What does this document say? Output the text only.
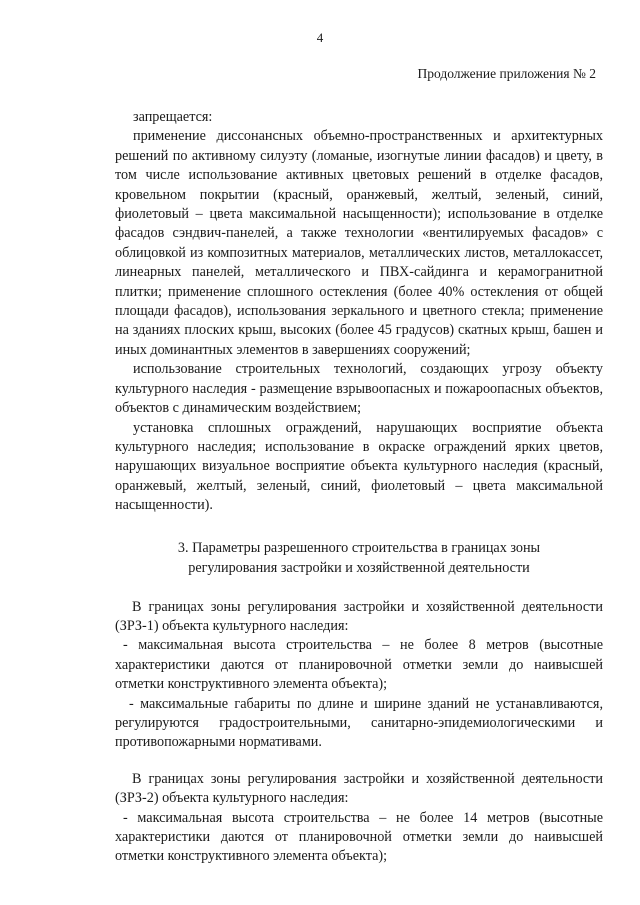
4
Продолжение приложения № 2

запрещается:

применение диссонансных объемно-пространственных и архитектурных решений по активному силуэту (ломаные, изогнутые линии фасадов) и цвету, в том числе использование активных цветовых решений в отделке фасадов, кровельном покрытии (красный, оранжевый, желтый, зеленый, синий, фиолетовый – цвета максимальной насыщенности); использование в отделке фасадов сэндвич-панелей, а также технологии «вентилируемых фасадов» с облицовкой из композитных материалов, металлических листов, металлокассет, линеарных панелей, металлического и ПВХ-сайдинга и керамогранитной плитки; применение сплошного остекления (более 40% остекления от общей площади фасадов), использования зеркального и цветного стекла; применение на зданиях плоских крыш, высоких (более 45 градусов) скатных крыш, башен и иных доминантных элементов в завершениях сооружений;

использование строительных технологий, создающих угрозу объекту культурного наследия - размещение взрывоопасных и пожароопасных объектов, объектов с динамическим воздействием;

установка сплошных ограждений, нарушающих восприятие объекта культурного наследия; использование в окраске ограждений ярких цветов, нарушающих визуальное восприятие объекта культурного наследия (красный, оранжевый, желтый, зеленый, синий, фиолетовый – цвета максимальной насыщенности).

3. Параметры разрешенного строительства в границах зоны
регулирования застройки и хозяйственной деятельности

В границах зоны регулирования застройки и хозяйственной деятельности (ЗРЗ-1) объекта культурного наследия:

- максимальная высота строительства – не более 8 метров (высотные характеристики даются от планировочной отметки земли до наивысшей отметки конструктивного элемента объекта);

- максимальные габариты по длине и ширине зданий не устанавливаются, регулируются градостроительными, санитарно-эпидемиологическими и противопожарными нормативами.

В границах зоны регулирования застройки и хозяйственной деятельности (ЗРЗ-2) объекта культурного наследия:

- максимальная высота строительства – не более 14 метров (высотные характеристики даются от планировочной отметки земли до наивысшей отметки конструктивного элемента объекта);
